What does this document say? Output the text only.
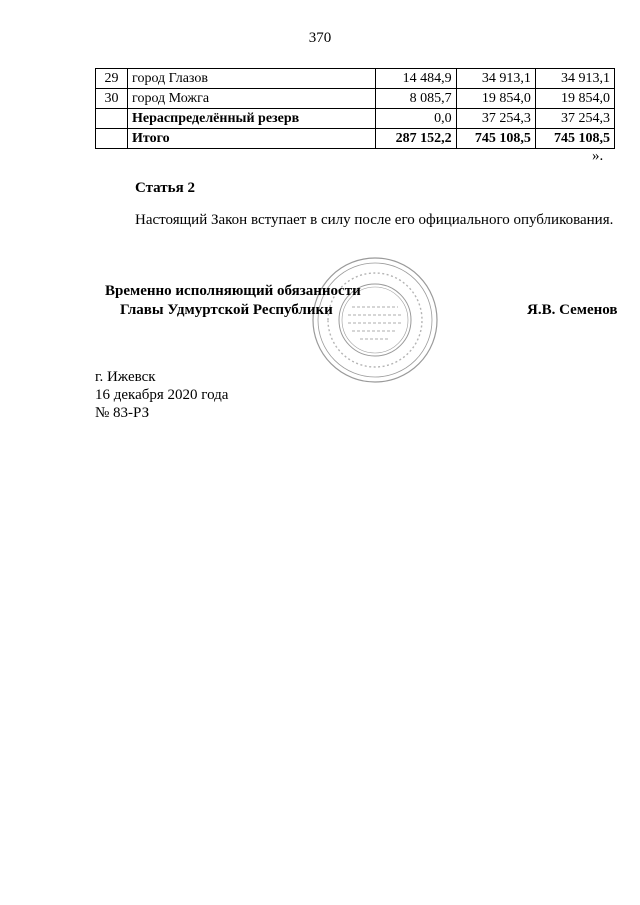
370
29	город Глазов	14 484,9	34 913,1	34 913,1
30	город Можга	8 085,7	19 854,0	19 854,0
	Нераспределённый резерв	0,0	37 254,3	37 254,3
	Итого	287 152,2	745 108,5	745 108,5
».
Статья 2
Настоящий Закон вступает в силу после его официального опубликования.
Временно исполняющий обязанности
Главы Удмуртской Республики	Я.В. Семенов
г. Ижевск
16 декабря 2020 года
№ 83-РЗ
